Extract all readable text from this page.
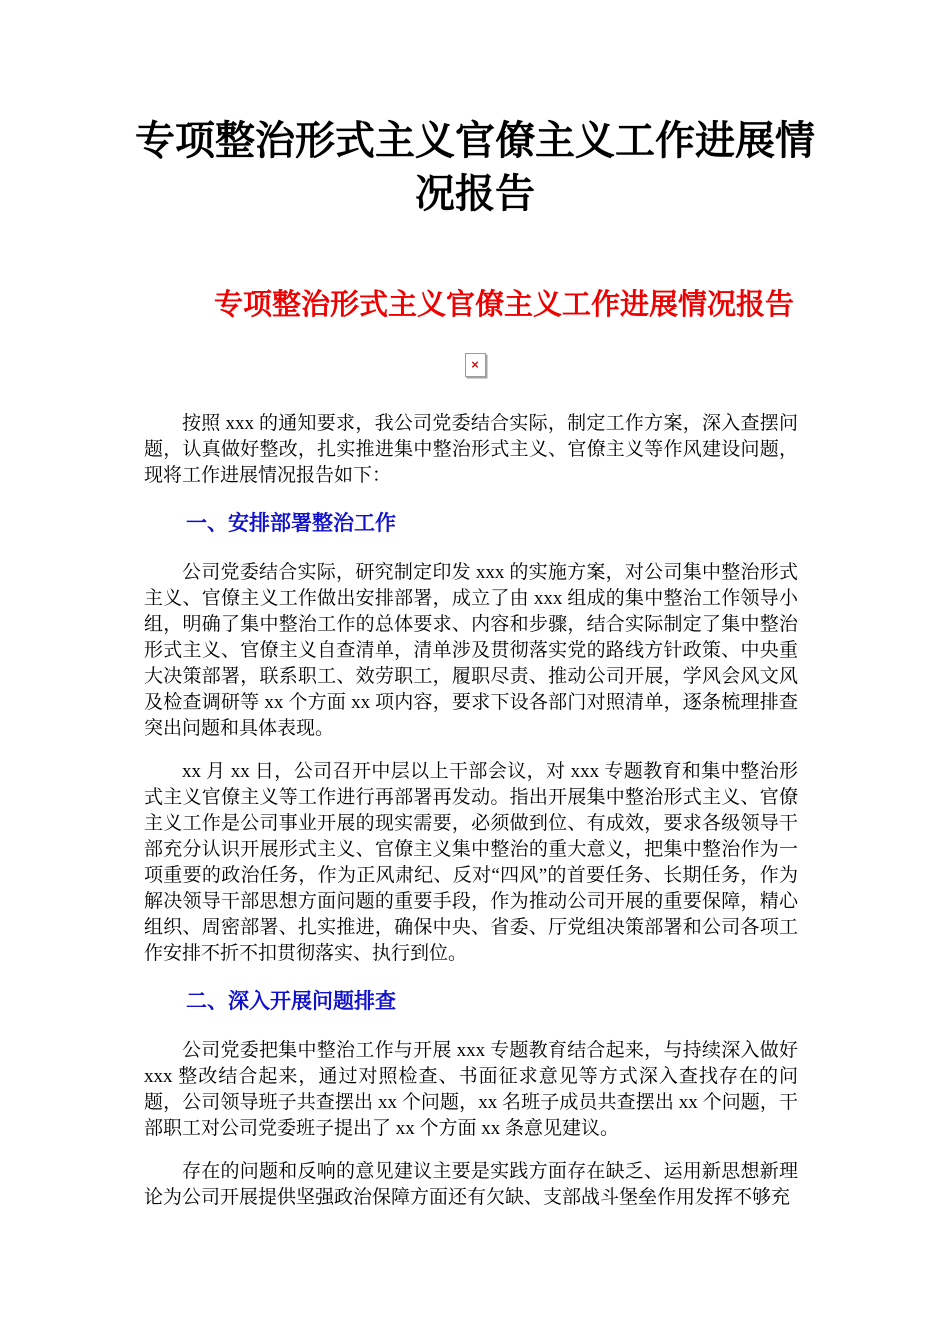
专项整治形式主义官僚主义工作进展情况报告
专项整治形式主义官僚主义工作进展情况报告
×

按照 xxx 的通知要求，我公司党委结合实际，制定工作方案，深入查摆问题，认真做好整改，扎实推进集中整治形式主义、官僚主义等作风建设问题，现将工作进展情况报告如下：

一、安排部署整治工作

公司党委结合实际，研究制定印发 xxx 的实施方案，对公司集中整治形式主义、官僚主义工作做出安排部署，成立了由 xxx 组成的集中整治工作领导小组，明确了集中整治工作的总体要求、内容和步骤，结合实际制定了集中整治形式主义、官僚主义自查清单，清单涉及贯彻落实党的路线方针政策、中央重大决策部署，联系职工、效劳职工，履职尽责、推动公司开展，学风会风文风及检查调研等 xx 个方面 xx 项内容，要求下设各部门对照清单，逐条梳理排查突出问题和具体表现。

xx 月 xx 日，公司召开中层以上干部会议，对 xxx 专题教育和集中整治形式主义官僚主义等工作进行再部署再发动。指出开展集中整治形式主义、官僚主义工作是公司事业开展的现实需要，必须做到位、有成效，要求各级领导干部充分认识开展形式主义、官僚主义集中整治的重大意义，把集中整治作为一项重要的政治任务，作为正风肃纪、反对“四风”的首要任务、长期任务，作为解决领导干部思想方面问题的重要手段，作为推动公司开展的重要保障，精心组织、周密部署、扎实推进，确保中央、省委、厅党组决策部署和公司各项工作安排不折不扣贯彻落实、执行到位。

二、深入开展问题排查

公司党委把集中整治工作与开展 xxx 专题教育结合起来，与持续深入做好 xxx 整改结合起来，通过对照检查、书面征求意见等方式深入查找存在的问题，公司领导班子共查摆出 xx 个问题，xx 名班子成员共查摆出 xx 个问题，干部职工对公司党委班子提出了 xx 个方面 xx 条意见建议。

存在的问题和反响的意见建议主要是实践方面存在缺乏、运用新思想新理论为公司开展提供坚强政治保障方面还有欠缺、支部战斗堡垒作用发挥不够充
